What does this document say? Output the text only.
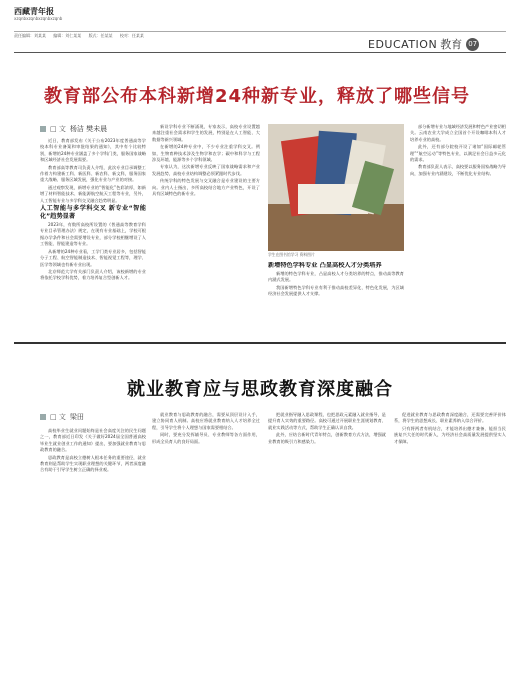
西藏青年报
xzqnbxzqnbxzqnbxzqnb
责任编辑：刘某某 编辑：刘仁某某 版式：任某某 校对：任某某
EDUCATION 教育 07
教育部公布本科新增24种新专业，释放了哪些信号
□ 文 杨洁 樊未晨

近日，教育部发布《关于公布2023年度普通高等学校本科专业备案和审批结果的通知》，其中有个比较特别，新增的24种专业涵盖了多个学科门类，服务国家战略和区域经济社会发展需要。

教育部高等教育司负责人介绍，此次专业目录调整工作着力构建新工科、新医科、新农科、新文科，服务国家重大战略、服务区域发展，强化专业与产业的对接。

通过观察发现，新增专业的“智能化”色彩浓厚，如新增了材料智能技术、新能源航空航天工程等专业，另外，人工智能专业与多学科交叉融合趋势明显。

人工智能与多学科交叉 新专业“智能化”趋势显著

2023年，有数所高校所设置的《普通高等教育学科专业目录管理办法》规定，在现有专业基础上，学校可根据办学条件和社会需要增设专业，部分学校相继增设了人工智能、智能建造等专业。

从新增的24种专业看，工学门类专业居多，包括智能分子工程、航空智能制造技术、智能视觉工程等，理学、医学等领域也有新专业出现。

北京师范大学有关部门负责人介绍，该校新增的专业将依托学校学科优势，着力培养复合型创新人才。

新设学科专业不断涌现，专家表示，高校专业设置越来越注重社会需求和学生的发展，特别是在人工智能、大数据等新兴领域。

在新增的24种专业中，不少专业注重学科交叉。例如，生物育种技术涉及生物学和农学；碳中和科学与工程涉及环境、能源等多个学科领域。

专家认为，这次新增专业反映了国家战略需求和产业发展趋势，高校专业结构调整必须紧跟时代步伐。

传统学科的特色发展与交叉融合是专业建设的主要方向。业内人士指出，多所高校结合地方产业特色，开设了具有区域特色的新专业。

学生在图书馆学习 资料图片

新增特色学科专业 凸显高校人才分类培养

新增的特色学科专业，凸显高校人才分类培养的特点，推动高等教育内涵式发展。

我国新增特色学科专业有利于推动高校差异化、特色化发展，为区域经济社会发展提供人才支撑。

部分新增专业与地域经济发展和特色产业密切相关。云南农业大学成立全国首个开设咖啡本科人才培养专业的高校。

此外，还有部分院校开设了诸如“国际邮轮管理”“航空运动”等特色专业，以满足社会日益多元化的需求。

教育部负责人表示，高校要以服务国家战略为导向，加强专业内涵建设，不断优化专业结构。

就业教育应与思政教育深度融合
□ 文 梁田

高校毕业生就业问题始终是社会高度关注的民生问题之一，教育部近日印发《关于做好2024届全国普通高校毕业生就业创业工作的通知》提出，要加强就业教育与思政教育的融合。

思政教育是高校立德树人根本任务的重要途径，就业教育则是帮助学生实现职业理想的关键环节，两者深度融合有助于引导学生树立正确的择业观。

就业教育与思政教育的融合，需要从顶层设计入手，建立协同育人机制。高校应将就业教育纳入人才培养全过程，引导学生将个人理想与国家需要相结合。

同时，要充分发挥辅导员、专业教师等各方面作用，形成全员育人的良好局面。

把就业指导融入思政课程，也把思政元素融入就业指导，是提升育人实效的重要路径。高校可通过开展职业生涯规划教育、就业实践活动等方式，帮助学生正确认识自我。

此外，应结合新时代青年特点，创新教育方式方法，增强就业教育的吸引力和感染力。

促进就业教育与思政教育深度融合，还需要完善评价体系，将学生的思想成长、职业素养纳入综合评价。

只有将两者有机结合，才能培养出德才兼备、能担当民族复兴大任的时代新人，为经济社会高质量发展提供坚实人才保障。
